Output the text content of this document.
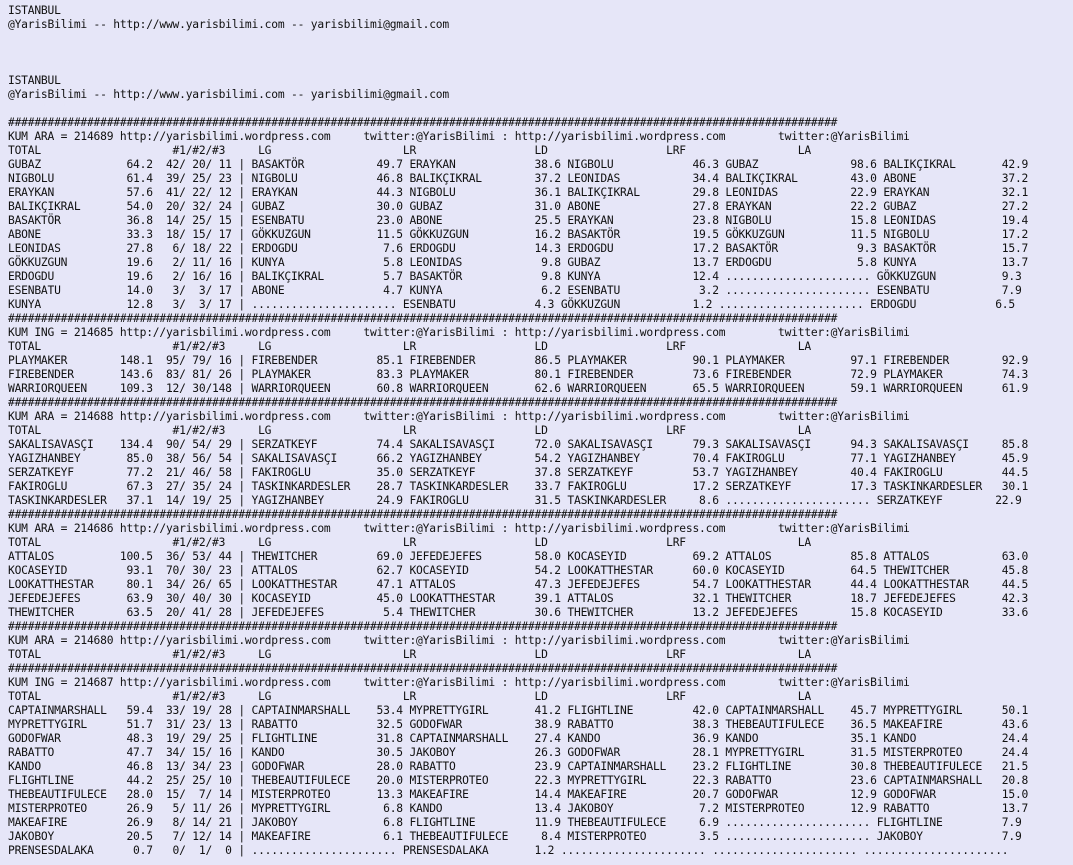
ISTANBUL
@YarisBilimi -- http://www.yarisbilimi.com -- yarisbilimi@gmail.com

ISTANBUL
@YarisBilimi -- http://www.yarisbilimi.com -- yarisbilimi@gmail.com

##############################################################################################################################
KUM ARA = 214689 http://yarisbilimi.wordpress.com     twitter:@YarisBilimi : http://yarisbilimi.wordpress.com        twitter:@YarisBilimi
TOTAL                    #1/#2/#3     LG                    LR                  LD                  LRF                 LA
GUBAZ             64.2  42/ 20/ 11 | BASAKTÖR           49.7 ERAYKAN            38.6 NIGBOLU            46.3 GUBAZ              98.6 BALIKÇIKRAL       42.9
NIGBOLU           61.4  39/ 25/ 23 | NIGBOLU            46.8 BALIKÇIKRAL        37.2 LEONIDAS           34.4 BALIKÇIKRAL        43.0 ABONE             37.2
ERAYKAN           57.6  41/ 22/ 12 | ERAYKAN            44.3 NIGBOLU            36.1 BALIKÇIKRAL        29.8 LEONIDAS           22.9 ERAYKAN           32.1
BALIKÇIKRAL       54.0  20/ 32/ 24 | GUBAZ              30.0 GUBAZ              31.0 ABONE              27.8 ERAYKAN            22.2 GUBAZ             27.2
BASAKTÖR          36.8  14/ 25/ 15 | ESENBATU           23.0 ABONE              25.5 ERAYKAN            23.8 NIGBOLU            15.8 LEONIDAS          19.4
ABONE             33.3  18/ 15/ 17 | GÖKKUZGUN          11.5 GÖKKUZGUN          16.2 BASAKTÖR           19.5 GÖKKUZGUN          11.5 NIGBOLU           17.2
LEONIDAS          27.8   6/ 18/ 22 | ERDOGDU             7.6 ERDOGDU            14.3 ERDOGDU            17.2 BASAKTÖR            9.3 BASAKTÖR          15.7
GÖKKUZGUN         19.6   2/ 11/ 16 | KUNYA               5.8 LEONIDAS            9.8 GUBAZ              13.7 ERDOGDU             5.8 KUNYA             13.7
ERDOGDU           19.6   2/ 16/ 16 | BALIKÇIKRAL         5.7 BASAKTÖR            9.8 KUNYA              12.4 ...................... GÖKKUZGUN          9.3
ESENBATU          14.0   3/  3/ 17 | ABONE               4.7 KUNYA               6.2 ESENBATU            3.2 ...................... ESENBATU           7.9
KUNYA             12.8   3/  3/ 17 | ...................... ESENBATU            4.3 GÖKKUZGUN           1.2 ...................... ERDOGDU            6.5
##############################################################################################################################
KUM ING = 214685 http://yarisbilimi.wordpress.com     twitter:@YarisBilimi : http://yarisbilimi.wordpress.com        twitter:@YarisBilimi
TOTAL                    #1/#2/#3     LG                    LR                  LD                  LRF                 LA
PLAYMAKER        148.1  95/ 79/ 16 | FIREBENDER         85.1 FIREBENDER         86.5 PLAYMAKER          90.1 PLAYMAKER          97.1 FIREBENDER        92.9
FIREBENDER       143.6  83/ 81/ 26 | PLAYMAKER          83.3 PLAYMAKER          80.1 FIREBENDER         73.6 FIREBENDER         72.9 PLAYMAKER         74.3
WARRIORQUEEN     109.3  12/ 30/148 | WARRIORQUEEN       60.8 WARRIORQUEEN       62.6 WARRIORQUEEN       65.5 WARRIORQUEEN       59.1 WARRIORQUEEN      61.9
##############################################################################################################################
KUM ARA = 214688 http://yarisbilimi.wordpress.com     twitter:@YarisBilimi : http://yarisbilimi.wordpress.com        twitter:@YarisBilimi
TOTAL                    #1/#2/#3     LG                    LR                  LD                  LRF                 LA
SAKALISAVASÇI    134.4  90/ 54/ 29 | SERZATKEYF         74.4 SAKALISAVASÇI      72.0 SAKALISAVASÇI      79.3 SAKALISAVASÇI      94.3 SAKALISAVASÇI     85.8
YAGIZHANBEY       85.0  38/ 56/ 54 | SAKALISAVASÇI      66.2 YAGIZHANBEY        54.2 YAGIZHANBEY        70.4 FAKIROGLU          77.1 YAGIZHANBEY       45.9
SERZATKEYF        77.2  21/ 46/ 58 | FAKIROGLU          35.0 SERZATKEYF         37.8 SERZATKEYF         53.7 YAGIZHANBEY        40.4 FAKIROGLU         44.5
FAKIROGLU         67.3  27/ 35/ 24 | TASKINKARDESLER    28.7 TASKINKARDESLER    33.7 FAKIROGLU          17.2 SERZATKEYF         17.3 TASKINKARDESLER   30.1
TASKINKARDESLER   37.1  14/ 19/ 25 | YAGIZHANBEY        24.9 FAKIROGLU          31.5 TASKINKARDESLER     8.6 ...................... SERZATKEYF        22.9
##############################################################################################################################
KUM ARA = 214686 http://yarisbilimi.wordpress.com     twitter:@YarisBilimi : http://yarisbilimi.wordpress.com        twitter:@YarisBilimi
TOTAL                    #1/#2/#3     LG                    LR                  LD                  LRF                 LA
ATTALOS          100.5  36/ 53/ 44 | THEWITCHER         69.0 JEFEDEJEFES        58.0 KOCASEYID          69.2 ATTALOS            85.8 ATTALOS           63.0
KOCASEYID         93.1  70/ 30/ 23 | ATTALOS            62.7 KOCASEYID          54.2 LOOKATTHESTAR      60.0 KOCASEYID          64.5 THEWITCHER        45.8
LOOKATTHESTAR     80.1  34/ 26/ 65 | LOOKATTHESTAR      47.1 ATTALOS            47.3 JEFEDEJEFES        54.7 LOOKATTHESTAR      44.4 LOOKATTHESTAR     44.5
JEFEDEJEFES       63.9  30/ 40/ 30 | KOCASEYID          45.0 LOOKATTHESTAR      39.1 ATTALOS            32.1 THEWITCHER         18.7 JEFEDEJEFES       42.3
THEWITCHER        63.5  20/ 41/ 28 | JEFEDEJEFES         5.4 THEWITCHER         30.6 THEWITCHER         13.2 JEFEDEJEFES        15.8 KOCASEYID         33.6
##############################################################################################################################
KUM ARA = 214680 http://yarisbilimi.wordpress.com     twitter:@YarisBilimi : http://yarisbilimi.wordpress.com        twitter:@YarisBilimi
TOTAL                    #1/#2/#3     LG                    LR                  LD                  LRF                 LA
##############################################################################################################################
KUM ING = 214687 http://yarisbilimi.wordpress.com     twitter:@YarisBilimi : http://yarisbilimi.wordpress.com        twitter:@YarisBilimi
TOTAL                    #1/#2/#3     LG                    LR                  LD                  LRF                 LA
CAPTAINMARSHALL   59.4  33/ 19/ 28 | CAPTAINMARSHALL    53.4 MYPRETTYGIRL       41.2 FLIGHTLINE         42.0 CAPTAINMARSHALL    45.7 MYPRETTYGIRL      50.1
MYPRETTYGIRL      51.7  31/ 23/ 13 | RABATTO            32.5 GODOFWAR           38.9 RABATTO            38.3 THEBEAUTIFULECE    36.5 MAKEAFIRE         43.6
GODOFWAR          48.3  19/ 29/ 25 | FLIGHTLINE         31.8 CAPTAINMARSHALL    27.4 KANDO              36.9 KANDO              35.1 KANDO             24.4
RABATTO           47.7  34/ 15/ 16 | KANDO              30.5 JAKOBOY            26.3 GODOFWAR           28.1 MYPRETTYGIRL       31.5 MISTERPROTEO      24.4
KANDO             46.8  13/ 34/ 23 | GODOFWAR           28.0 RABATTO            23.9 CAPTAINMARSHALL    23.2 FLIGHTLINE         30.8 THEBEAUTIFULECE   21.5
FLIGHTLINE        44.2  25/ 25/ 10 | THEBEAUTIFULECE    20.0 MISTERPROTEO       22.3 MYPRETTYGIRL       22.3 RABATTO            23.6 CAPTAINMARSHALL   20.8
THEBEAUTIFULECE   28.0  15/  7/ 14 | MISTERPROTEO       13.3 MAKEAFIRE          14.4 MAKEAFIRE          20.7 GODOFWAR           12.9 GODOFWAR          15.0
MISTERPROTEO      26.9   5/ 11/ 26 | MYPRETTYGIRL        6.8 KANDO              13.4 JAKOBOY             7.2 MISTERPROTEO       12.9 RABATTO           13.7
MAKEAFIRE         26.9   8/ 14/ 21 | JAKOBOY             6.8 FLIGHTLINE         11.9 THEBEAUTIFULECE     6.9 ...................... FLIGHTLINE         7.9
JAKOBOY           20.5   7/ 12/ 14 | MAKEAFIRE           6.1 THEBEAUTIFULECE     8.4 MISTERPROTEO        3.5 ...................... JAKOBOY            7.9
PRENSESDALAKA      0.7   0/  1/  0 | ...................... PRENSESDALAKA       1.2 ...................... ...................... ......................
